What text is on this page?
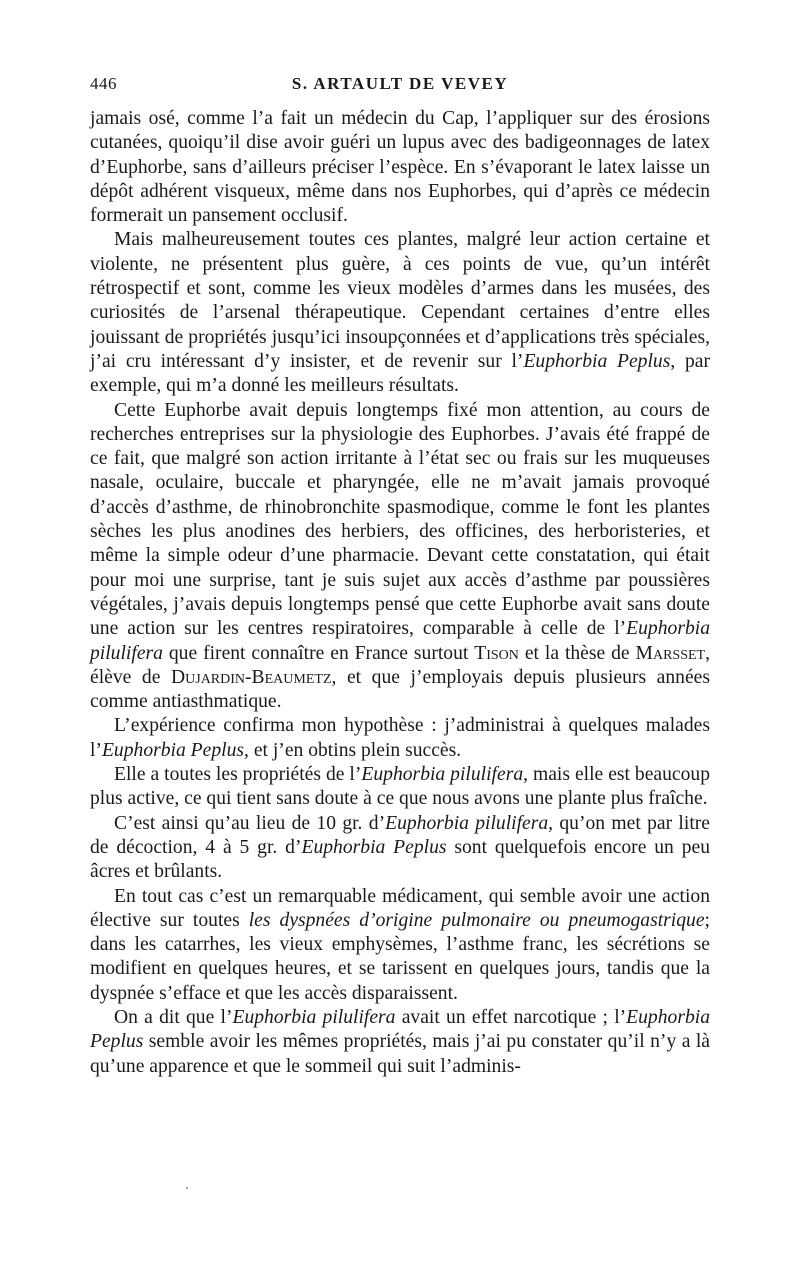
446	S. ARTAULT DE VEVEY

jamais osé, comme l’a fait un médecin du Cap, l’appliquer sur des érosions cutanées, quoiqu’il dise avoir guéri un lupus avec des badigeonnages de latex d’Euphorbe, sans d’ailleurs préciser l’espèce. En s’évaporant le latex laisse un dépôt adhérent visqueux, même dans nos Euphorbes, qui d’après ce médecin formerait un pansement occlusif.

Mais malheureusement toutes ces plantes, malgré leur action certaine et violente, ne présentent plus guère, à ces points de vue, qu’un intérêt rétrospectif et sont, comme les vieux modèles d’armes dans les musées, des curiosités de l’arsenal thérapeutique. Cependant certaines d’entre elles jouissant de propriétés jusqu’ici insoupçonnées et d’applications très spéciales, j’ai cru intéressant d’y insister, et de revenir sur l’Euphorbia Peplus, par exemple, qui m’a donné les meilleurs résultats.

Cette Euphorbe avait depuis longtemps fixé mon attention, au cours de recherches entreprises sur la physiologie des Euphorbes. J’avais été frappé de ce fait, que malgré son action irritante à l’état sec ou frais sur les muqueuses nasale, oculaire, buccale et pharyngée, elle ne m’avait jamais provoqué d’accès d’asthme, de rhinobronchite spasmodique, comme le font les plantes sèches les plus anodines des herbiers, des officines, des herboristeries, et même la simple odeur d’une pharmacie. Devant cette constatation, qui était pour moi une surprise, tant je suis sujet aux accès d’asthme par poussières végétales, j’avais depuis longtemps pensé que cette Euphorbe avait sans doute une action sur les centres respiratoires, comparable à celle de l’Euphorbia pilulifera que firent connaître en France surtout Tison et la thèse de Marsset, élève de Dujardin-Beaumetz, et que j’employais depuis plusieurs années comme antiasthmatique.

L’expérience confirma mon hypothèse : j’administrai à quelques malades l’Euphorbia Peplus, et j’en obtins plein succès.

Elle a toutes les propriétés de l’Euphorbia pilulifera, mais elle est beaucoup plus active, ce qui tient sans doute à ce que nous avons une plante plus fraîche.

C’est ainsi qu’au lieu de 10 gr. d’Euphorbia pilulifera, qu’on met par litre de décoction, 4 à 5 gr. d’Euphorbia Peplus sont quelquefois encore un peu âcres et brûlants.

En tout cas c’est un remarquable médicament, qui semble avoir une action élective sur toutes les dyspnées d’origine pulmonaire ou pneumogastrique; dans les catarrhes, les vieux emphysèmes, l’asthme franc, les sécrétions se modifient en quelques heures, et se tarissent en quelques jours, tandis que la dyspnée s’efface et que les accès disparaissent.

On a dit que l’Euphorbia pilulifera avait un effet narcotique ; l’Euphorbia Peplus semble avoir les mêmes propriétés, mais j’ai pu constater qu’il n’y a là qu’une apparence et que le sommeil qui suit l’adminis-
